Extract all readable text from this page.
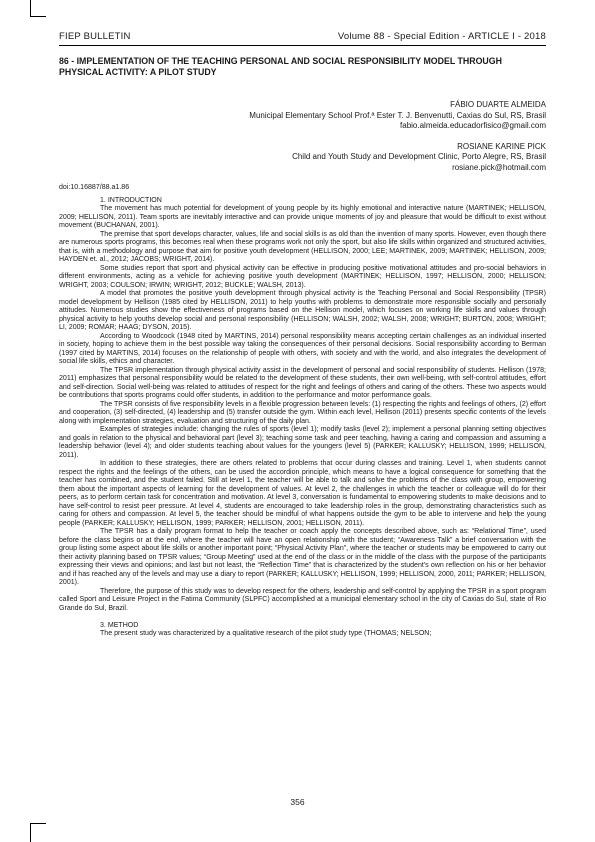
FIEP BULLETIN	Volume 88 - Special Edition - ARTICLE I - 2018
86 - IMPLEMENTATION OF THE TEACHING PERSONAL AND SOCIAL RESPONSIBILITY MODEL THROUGH PHYSICAL ACTIVITY: A PILOT STUDY
FÁBIO DUARTE ALMEIDA
Municipal Elementary School Prof.ª Ester T. J. Benvenutti, Caxias do Sul, RS, Brasil
fabio.almeida.educadorfisico@gmail.com
ROSIANE KARINE PICK
Child and Youth Study and Development Clinic, Porto Alegre, RS, Brasil
rosiane.pick@hotmail.com

doi:10.16887/88.a1.86

1. INTRODUCTION

The movement has much potential for development of young people by its highly emotional and interactive nature (MARTINEK; HELLISON, 2009; HELLISON, 2011). Team sports are inevitably interactive and can provide unique moments of joy and pleasure that would be difficult to exist without movement (BUCHANAN, 2001).

The premise that sport develops character, values, life and social skills is as old than the invention of many sports. However, even though there are numerous sports programs, this becomes real when these programs work not only the sport, but also life skills within organized and structured activities, that is, with a methodology and purpose that aim for positive youth development (HELLISON, 2000; LEE; MARTINEK, 2009; MARTINEK; HELLISON, 2009; HAYDEN et. al., 2012; JACOBS; WRIGHT, 2014).

Some studies report that sport and physical activity can be effective in producing positive motivational attitudes and pro-social behaviors in different environments, acting as a vehicle for achieving positive youth development (MARTINEK; HELLISON, 1997; HELLISON, 2000; HELLISON; WRIGHT, 2003; COULSON; IRWIN; WRIGHT, 2012; BUCKLE; WALSH, 2013).

A model that promotes the positive youth development through physical activity is the Teaching Personal and Social Responsibility (TPSR) model development by Hellison (1985 cited by HELLISON, 2011) to help youths with problems to demonstrate more responsible socially and personally attitudes. Numerous studies show the effectiveness of programs based on the Hellison model, which focuses on working life skills and values through physical activity to help youths develop social and personal responsibility (HELLISON; WALSH, 2002; WALSH, 2008; WRIGHT; BURTON, 2008; WRIGHT; LI, 2009; ROMAR; HAAG; DYSON, 2015).

According to Woodcock (1948 cited by MARTINS, 2014) personal responsibility means accepting certain challenges as an individual inserted in society, hoping to achieve them in the best possible way taking the consequences of their personal decisions. Social responsibility according to Berman (1997 cited by MARTINS, 2014) focuses on the relationship of people with others, with society and with the world, and also integrates the development of social life skills, ethics and character.

The TPSR implementation through physical activity assist in the development of personal and social responsibility of students. Hellison (1978; 2011) emphasizes that personal responsibility would be related to the development of these students, their own well-being, with self-control attitudes, effort and self-direction. Social well-being was related to attitudes of respect for the right and feelings of others and caring of the others. These two aspects would be contributions that sports programs could offer students, in addition to the performance and motor performance goals.

The TPSR consists of five responsibility levels in a flexible progression between levels: (1) respecting the rights and feelings of others, (2) effort and cooperation, (3) self-directed, (4) leadership and (5) transfer outside the gym. Within each level, Hellison (2011) presents specific contents of the levels along with implementation strategies, evaluation and structuring of the daily plan.

Examples of strategies include: changing the rules of sports (level 1); modify tasks (level 2); implement a personal planning setting objectives and goals in relation to the physical and behavioral part (level 3); teaching some task and peer teaching, having a caring and compassion and assuming a leadership behavior (level 4); and older students teaching about values for the youngers (level 5) (PARKER; KALLUSKY; HELLISON, 1999; HELLISON, 2011).

In addition to these strategies, there are others related to problems that occur during classes and training. Level 1, when students cannot respect the rights and the feelings of the others, can be used the accordion principle, which means to have a logical consequence for something that the teacher has combined, and the student failed. Still at level 1, the teacher will be able to talk and solve the problems of the class with group, empowering them about the important aspects of learning for the development of values. At level 2, the challenges in which the teacher or colleague will do for their peers, as to perform certain task for concentration and motivation. At level 3, conversation is fundamental to empowering students to make decisions and to have self-control to resist peer pressure. At level 4, students are encouraged to take leadership roles in the group, demonstrating characteristics such as caring for others and compassion. At level 5, the teacher should be mindful of what happens outside the gym to be able to intervene and help the young people (PARKER; KALLUSKY; HELLISON, 1999; PARKER; HELLISON, 2001; HELLISON, 2011).

The TPSR has a daily program format to help the teacher or coach apply the concepts described above, such as: “Relational Time”, used before the class begins or at the end, where the teacher will have an open relationship with the student; “Awareness Talk” a brief conversation with the group listing some aspect about life skills or another important point; “Physical Activity Plan”, where the teacher or students may be empowered to carry out their activity planning based on TPSR values; “Group Meeting” used at the end of the class or in the middle of the class with the purpose of the participants expressing their views and opinions; and last but not least, the “Reflection Time” that is characterized by the student's own reflection on his or her behavior and if has reached any of the levels and may use a diary to report (PARKER; KALLUSKY; HELLISON, 1999; HELLISON, 2000, 2011; PARKER; HELLISON, 2001).

Therefore, the purpose of this study was to develop respect for the others, leadership and self-control by applying the TPSR in a sport program called Sport and Leisure Project in the Fatima Community (SLPFC) accomplished at a municipal elementary school in the city of Caxias do Sul, state of Rio Grande do Sul, Brazil.

3. METHOD

The present study was characterized by a qualitative research of the pilot study type (THOMAS; NELSON;

356
